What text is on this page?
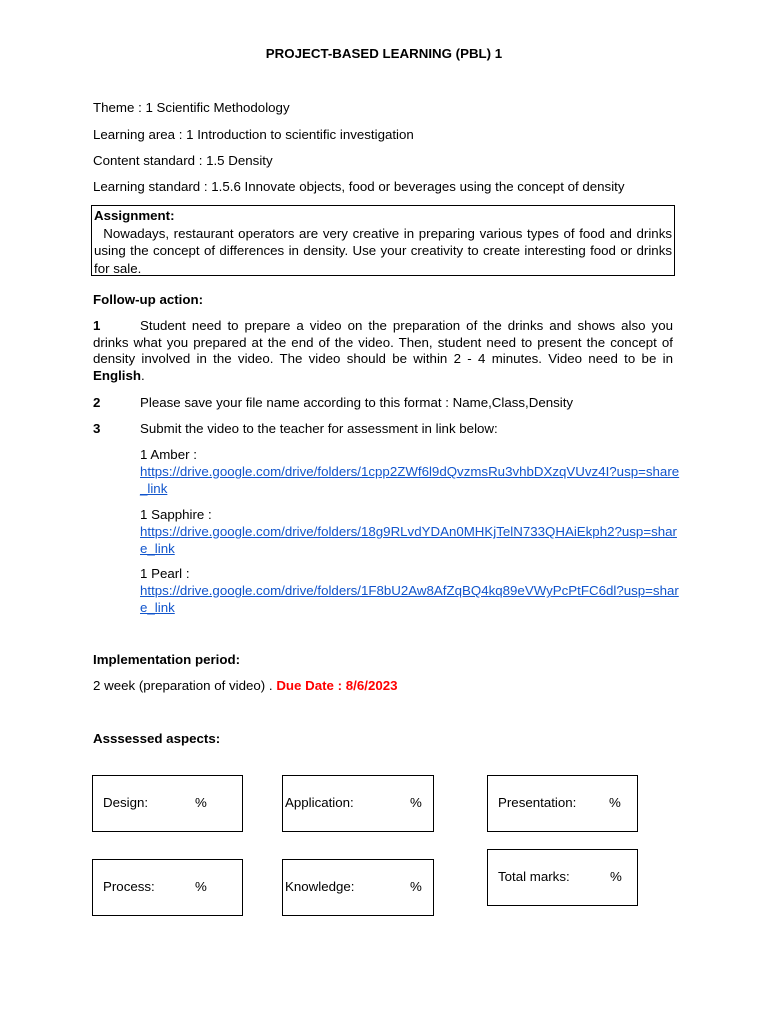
PROJECT-BASED LEARNING (PBL) 1
Theme : 1 Scientific Methodology
Learning area : 1 Introduction to scientific investigation
Content standard : 1.5 Density
Learning standard : 1.5.6 Innovate objects, food or beverages using the concept of density
Assignment:
Nowadays, restaurant operators are very creative in preparing various types of food and drinks using the concept of differences in density. Use your creativity to create interesting food or drinks for sale.
Follow-up action:
1	Student need to prepare a video on the preparation of the drinks and shows also you drinks what you prepared at the end of the video. Then, student need to present the concept of density involved in the video. The video should be within 2 - 4 minutes. Video need to be in English.
2	Please save your file name according to this format : Name,Class,Density
3	Submit the video to the teacher for assessment in link below:
1 Amber :
https://drive.google.com/drive/folders/1cpp2ZWf6l9dQvzmsRu3vhbDXzqVUvz4I?usp=share_link
1 Sapphire :
https://drive.google.com/drive/folders/18g9RLvdYDAn0MHKjTelN733QHAiEkph2?usp=share_link
1 Pearl :
https://drive.google.com/drive/folders/1F8bU2Aw8AfZqBQ4kq89eVWyPcPtFC6dl?usp=share_link
Implementation period:
2 week (preparation of video) . Due Date : 8/6/2023
Asssessed aspects:
Design:	%	Application:	%	Presentation: %
Process:	%	Knowledge:	%
Total marks:	%
